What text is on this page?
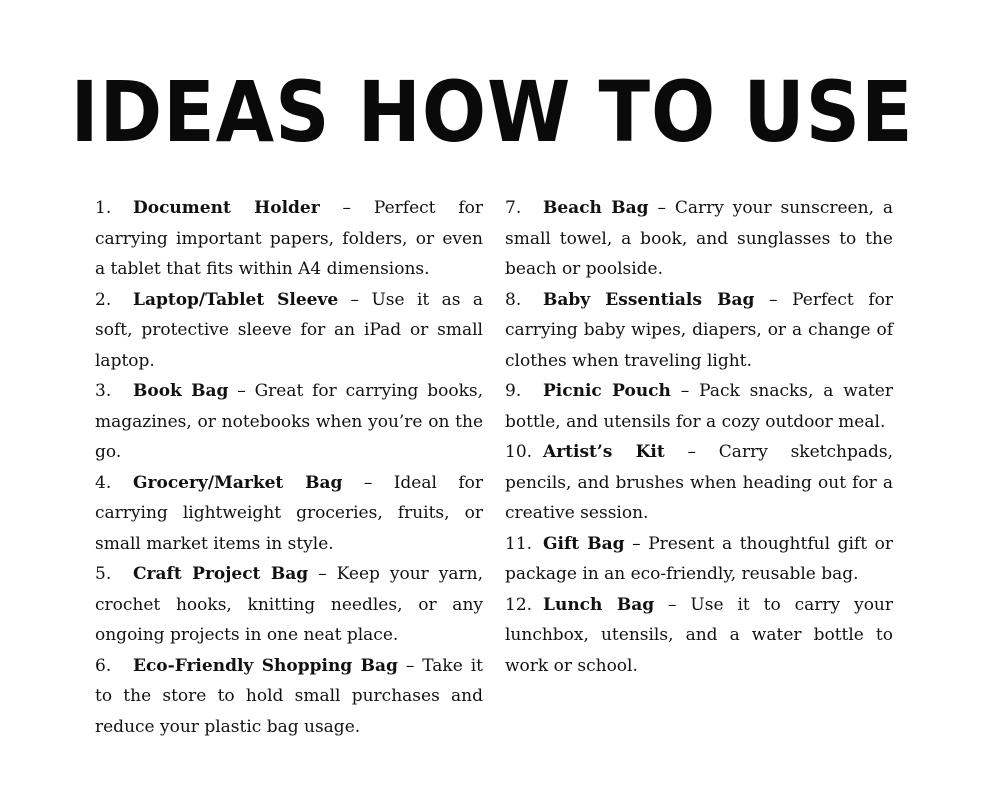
IDEAS HOW TO USE
1. Document Holder – Perfect for carrying important papers, folders, or even a tablet that fits within A4 dimensions.
2. Laptop/Tablet Sleeve – Use it as a soft, protective sleeve for an iPad or small laptop.
3. Book Bag – Great for carrying books, magazines, or notebooks when you’re on the go.
4. Grocery/Market Bag – Ideal for carrying lightweight groceries, fruits, or small market items in style.
5. Craft Project Bag – Keep your yarn, crochet hooks, knitting needles, or any ongoing projects in one neat place.
6. Eco-Friendly Shopping Bag – Take it to the store to hold small purchases and reduce your plastic bag usage.
7. Beach Bag – Carry your sunscreen, a small towel, a book, and sunglasses to the beach or poolside.
8. Baby Essentials Bag – Perfect for carrying baby wipes, diapers, or a change of clothes when traveling light.
9. Picnic Pouch – Pack snacks, a water bottle, and utensils for a cozy outdoor meal.
10. Artist’s Kit – Carry sketchpads, pencils, and brushes when heading out for a creative session.
11. Gift Bag – Present a thoughtful gift or package in an eco-friendly, reusable bag.
12. Lunch Bag – Use it to carry your lunchbox, utensils, and a water bottle to work or school.
